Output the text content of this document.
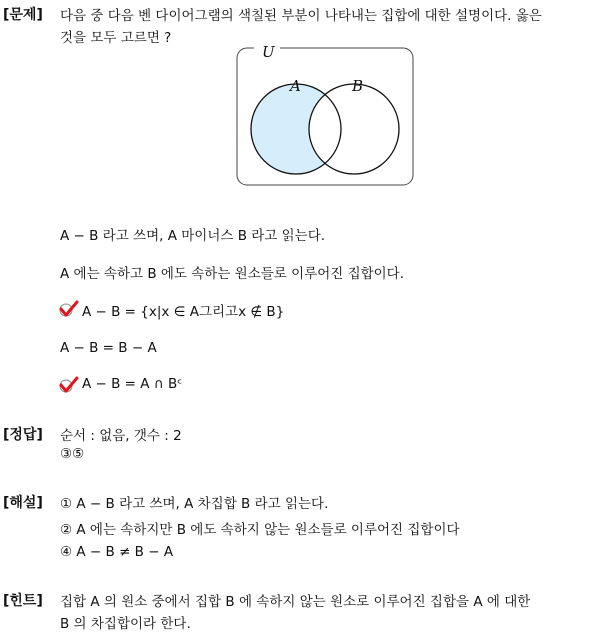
[문제] 다음 중 다음 벤 다이어그램의 색칠된 부분이 나타내는 집합에 대한 설명이다. 옳은
것을 모두 고르면 ?
U
A	B
A − B 라고 쓰며, A 마이너스 B 라고 읽는다.
A 에는 속하고 B 에도 속하는 원소들로 이루어진 집합이다.
A − B = {x|x ∈ A그리고x ∉ B}
A − B = B − A
A − B = A ∩ Bᶜ
[정답] 순서 : 없음, 갯수 : 2
③⑤
[해설] ① A − B 라고 쓰며, A 차집합 B 라고 읽는다.
② A 에는 속하지만 B 에도 속하지 않는 원소들로 이루어진 집합이다
④ A − B ≠ B − A
[힌트] 집합 A 의 원소 중에서 집합 B 에 속하지 않는 원소로 이루어진 집합을 A 에 대한
B 의 차집합이라 한다.
